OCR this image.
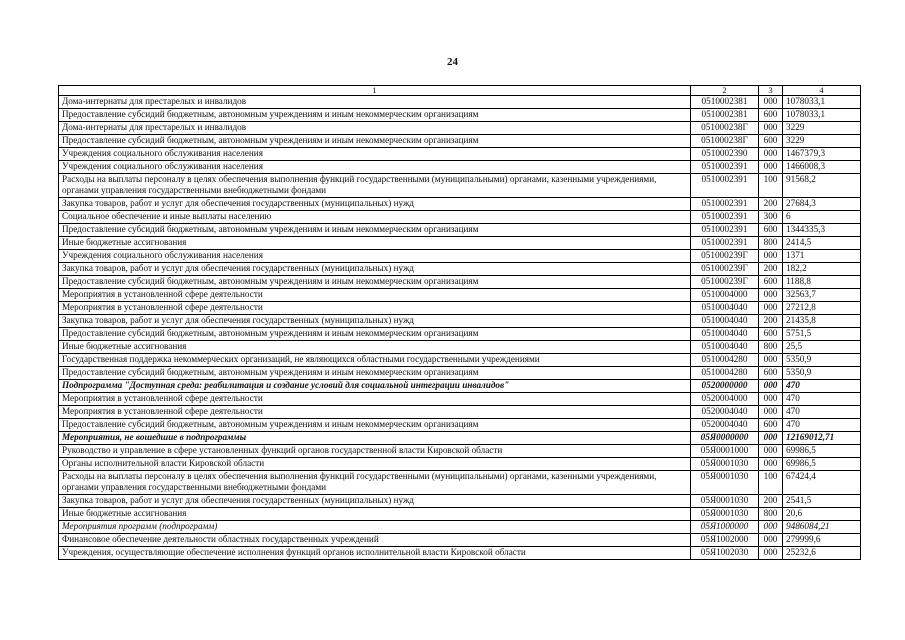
24
1	2	3	4
Дома-интернаты для престарелых и инвалидов	0510002381	000	1078033,1
Предоставление субсидий бюджетным, автономным учреждениям и иным некоммерческим организациям	0510002381	600	1078033,1
Дома-интернаты для престарелых и инвалидов	051000238Г	000	3229
Предоставление субсидий бюджетным, автономным учреждениям и иным некоммерческим организациям	051000238Г	600	3229
Учреждения социального обслуживания населения	0510002390	000	1467379,3
Учреждения социального обслуживания населения	0510002391	000	1466008,3
Расходы на выплаты персоналу в целях обеспечения выполнения функций государственными (муниципальными) органами, казенными учреждениями, органами управления государственными внебюджетными фондами	0510002391	100	91568,2
Закупка товаров, работ и услуг для обеспечения государственных (муниципальных) нужд	0510002391	200	27684,3
Социальное обеспечение и иные выплаты населению	0510002391	300	6
Предоставление субсидий бюджетным, автономным учреждениям и иным некоммерческим организациям	0510002391	600	1344335,3
Иные бюджетные ассигнования	0510002391	800	2414,5
Учреждения социального обслуживания населения	051000239Г	000	1371
Закупка товаров, работ и услуг для обеспечения государственных (муниципальных) нужд	051000239Г	200	182,2
Предоставление субсидий бюджетным, автономным учреждениям и иным некоммерческим организациям	051000239Г	600	1188,8
Мероприятия в установленной сфере деятельности	0510004000	000	32563,7
Мероприятия в установленной сфере деятельности	0510004040	000	27212,8
Закупка товаров, работ и услуг для обеспечения государственных (муниципальных) нужд	0510004040	200	21435,8
Предоставление субсидий бюджетным, автономным учреждениям и иным некоммерческим организациям	0510004040	600	5751,5
Иные бюджетные ассигнования	0510004040	800	25,5
Государственная поддержка некоммерческих организаций, не являющихся областными государственными учреждениями	0510004280	000	5350,9
Предоставление субсидий бюджетным, автономным учреждениям и иным некоммерческим организациям	0510004280	600	5350,9
Подпрограмма "Доступная среда: реабилитация и создание условий для социальной интеграции инвалидов"	0520000000	000	470
Мероприятия в установленной сфере деятельности	0520004000	000	470
Мероприятия в установленной сфере деятельности	0520004040	000	470
Предоставление субсидий бюджетным, автономным учреждениям и иным некоммерческим организациям	0520004040	600	470
Мероприятия, не вошедшие в подпрограммы	05Я0000000	000	12169012,71
Руководство и управление в сфере установленных функций органов государственной власти Кировской области	05Я0001000	000	69986,5
Органы исполнительной власти Кировской области	05Я0001030	000	69986,5
Расходы на выплаты персоналу в целях обеспечения выполнения функций государственными (муниципальными) органами, казенными учреждениями, органами управления государственными внебюджетными фондами	05Я0001030	100	67424,4
Закупка товаров, работ и услуг для обеспечения государственных (муниципальных) нужд	05Я0001030	200	2541,5
Иные бюджетные ассигнования	05Я0001030	800	20,6
Мероприятия программ (подпрограмм)	05Я1000000	000	9486084,21
Финансовое обеспечение деятельности областных государственных учреждений	05Я1002000	000	279999,6
Учреждения, осуществляющие обеспечение исполнения функций органов исполнительной власти Кировской области	05Я1002030	000	25232,6
